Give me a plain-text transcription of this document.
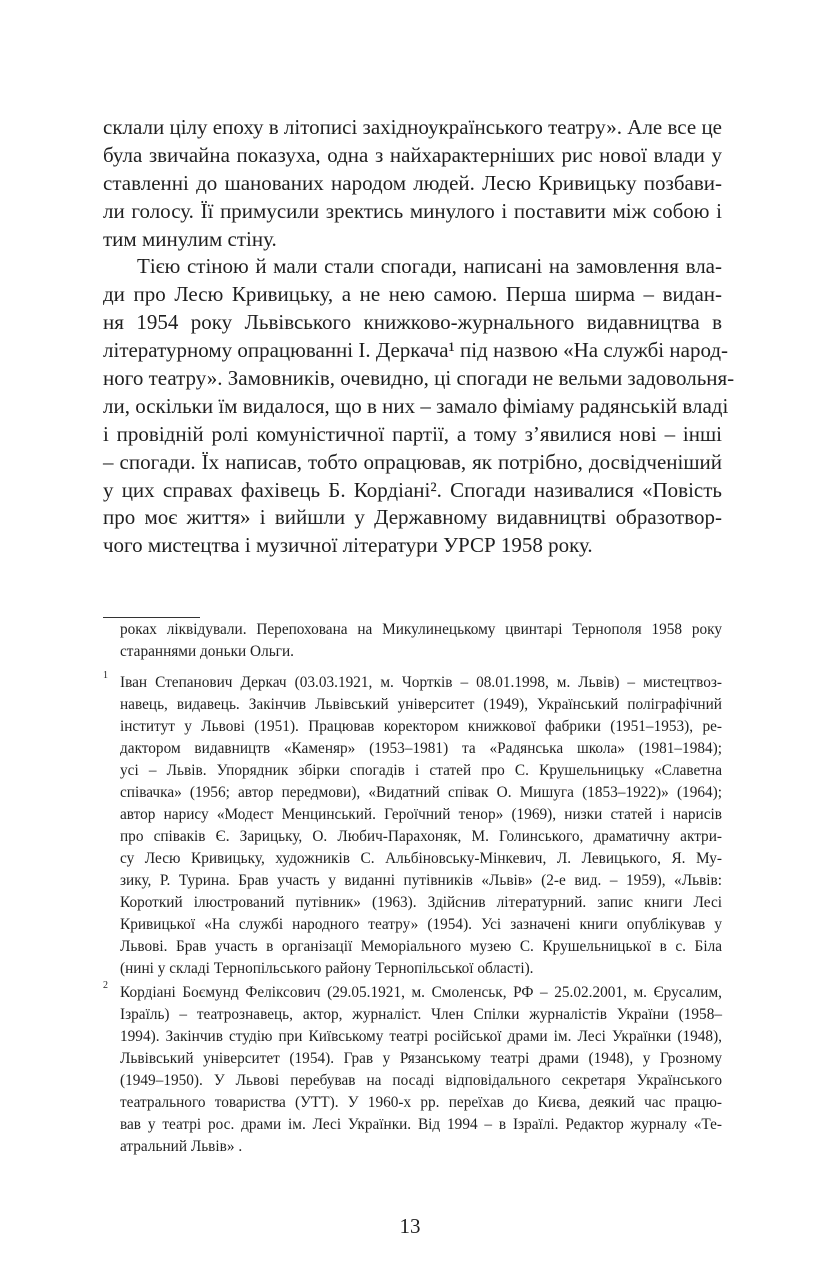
склали цілу епоху в літописі західноукраїнського театру». Але все це
була звичайна показуха, одна з найхарактерніших рис нової влади у
ставленні до шанованих народом людей. Лесю Кривицьку позбави-
ли голосу. Її примусили зректись минулого і поставити між собою і
тим минулим стіну.
Тією стіною й мали стали спогади, написані на замовлення вла-
ди про Лесю Кривицьку, а не нею самою. Перша ширма – видан-
ня 1954 року Львівського книжково-журнального видавництва в
літературному опрацюванні І. Деркача¹ під назвою «На службі народ-
ного театру». Замовників, очевидно, ці спогади не вельми задовольня-
ли, оскільки їм видалося, що в них – замало фіміаму радянській владі
і провідній ролі комуністичної партії, а тому з’явилися нові – інші
– спогади. Їх написав, тобто опрацював, як потрібно, досвідченіший
у цих справах фахівець Б. Кордіані². Спогади називалися «Повість
про моє життя» і вийшли у Державному видавництві образотвор-
чого мистецтва і музичної літератури УРСР 1958 року.
роках ліквідували. Перепохована на Микулинецькому цвинтарі Тернополя 1958 року
стараннями доньки Ольги.
1 Іван Степанович Деркач (03.03.1921, м. Чортків – 08.01.1998, м. Львів) – мистецтвоз-
навець, видавець. Закінчив Львівський університет (1949), Український поліграфічний
інститут у Львові (1951). Працював коректором книжкової фабрики (1951–1953), ре-
дактором видавництв «Каменяр» (1953–1981) та «Радянська школа» (1981–1984);
усі – Львів. Упорядник збірки спогадів і статей про С. Крушельницьку «Славетна
співачка» (1956; автор передмови), «Видатний співак О. Мишуга (1853–1922)» (1964);
автор нарису «Модест Менцинський. Героїчний тенор» (1969), низки статей і нарисів
про співаків Є. Зарицьку, О. Любич-Парахоняк, М. Голинського, драматичну актри-
су Лесю Кривицьку, художників С. Альбіновську-Мінкевич, Л. Левицького, Я. Му-
зику, Р. Турина. Брав участь у виданні путівників «Львів» (2-е вид. – 1959), «Львів:
Короткий ілюстрований путівник» (1963). Здійснив літературний. запис книги Лесі
Кривицької «На службі народного театру» (1954). Усі зазначені книги опублікував у
Львові. Брав участь в організації Меморіального музею С. Крушельницької в с. Біла
(нині у складі Тернопільського району Тернопільської області).
2 Кордіані Боємунд Феліксович (29.05.1921, м. Смоленськ, РФ – 25.02.2001, м. Єрусалим,
Ізраїль) – театрознавець, актор, журналіст. Член Спілки журналістів України (1958–
1994). Закінчив студію при Київському театрі російської драми ім. Лесі Українки (1948),
Львівський університет (1954). Грав у Рязанському театрі драми (1948), у Грозному
(1949–1950). У Львові перебував на посаді відповідального секретаря Українського
театрального товариства (УТТ). У 1960-х рр. переїхав до Києва, деякий час працю-
вав у театрі рос. драми ім. Лесі Українки. Від 1994 – в Ізраїлі. Редактор журналу «Те-
атральний Львів» .
13
